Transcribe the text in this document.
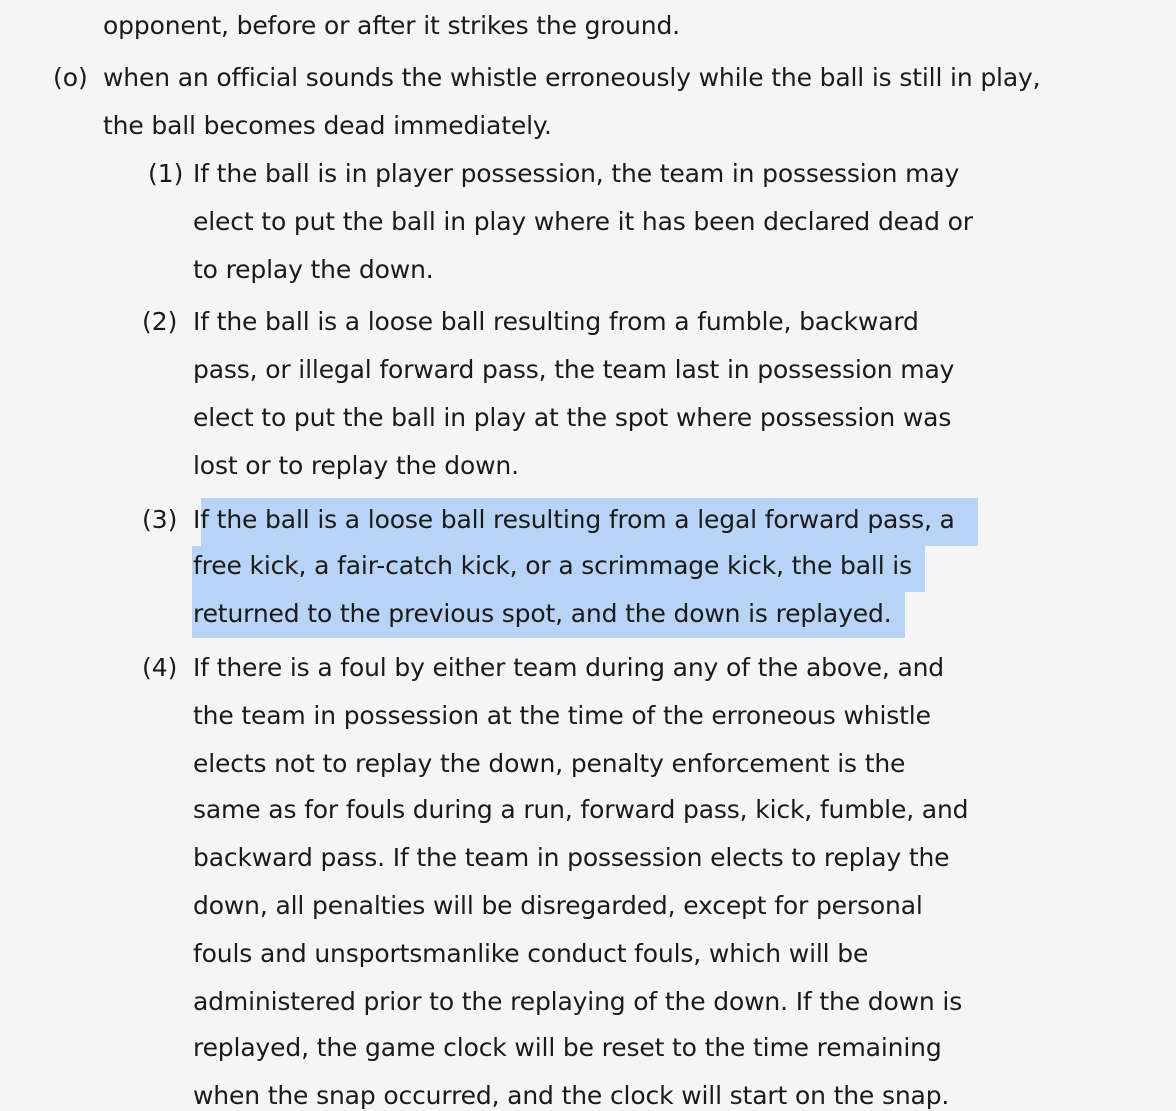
opponent, before or after it strikes the ground.
(o) when an official sounds the whistle erroneously while the ball is still in play,
the ball becomes dead immediately.
(1) If the ball is in player possession, the team in possession may
elect to put the ball in play where it has been declared dead or
to replay the down.
(2) If the ball is a loose ball resulting from a fumble, backward
pass, or illegal forward pass, the team last in possession may
elect to put the ball in play at the spot where possession was
lost or to replay the down.
(3) If the ball is a loose ball resulting from a legal forward pass, a
free kick, a fair-catch kick, or a scrimmage kick, the ball is
returned to the previous spot, and the down is replayed.
(4) If there is a foul by either team during any of the above, and
the team in possession at the time of the erroneous whistle
elects not to replay the down, penalty enforcement is the
same as for fouls during a run, forward pass, kick, fumble, and
backward pass. If the team in possession elects to replay the
down, all penalties will be disregarded, except for personal
fouls and unsportsmanlike conduct fouls, which will be
administered prior to the replaying of the down. If the down is
replayed, the game clock will be reset to the time remaining
when the snap occurred, and the clock will start on the snap.
